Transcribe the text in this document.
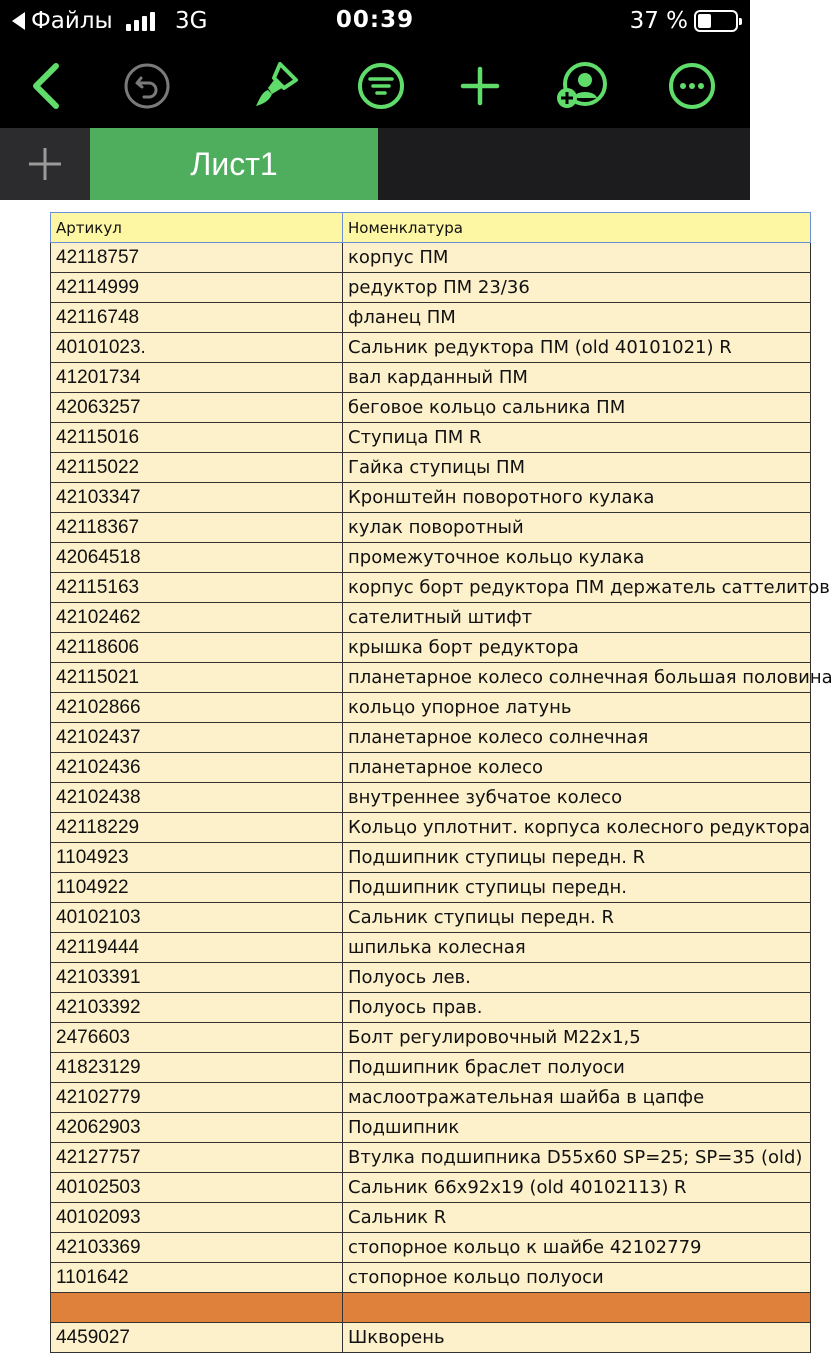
Файлы	3G	00:39	37 %
Лист1
Артикул	Номенклатура
42118757	корпус ПМ
42114999	редуктор ПМ 23/36
42116748	фланец ПМ
40101023.	Сальник редуктора ПМ (old 40101021) R
41201734	вал карданный ПМ
42063257	беговое кольцо сальника ПМ
42115016	Ступица ПМ R
42115022	Гайка ступицы ПМ
42103347	Кронштейн поворотного кулака
42118367	кулак поворотный
42064518	промежуточное кольцо кулака
42115163	корпус борт редуктора ПМ держатель саттелитов
42102462	сателитный штифт
42118606	крышка борт редуктора
42115021	планетарное колесо солнечная большая половина
42102866	кольцо упорное латунь
42102437	планетарное колесо солнечная
42102436	планетарное колесо
42102438	внутреннее зубчатое колесо
42118229	Кольцо уплотнит. корпуса колесного редуктора
1104923	Подшипник ступицы передн. R
1104922	Подшипник ступицы передн.
40102103	Сальник ступицы передн. R
42119444	шпилька колесная
42103391	Полуось лев.
42103392	Полуось прав.
2476603	Болт регулировочный М22х1,5
41823129	Подшипник браслет полуоси
42102779	маслоотражательная шайба в цапфе
42062903	Подшипник
42127757	Втулка подшипника D55х60 SP=25; SP=35 (old)
40102503	Сальник 66х92х19 (old 40102113) R
40102093	Сальник R
42103369	стопорное кольцо к шайбе 42102779
1101642	стопорное кольцо полуоси

4459027	Шкворень
